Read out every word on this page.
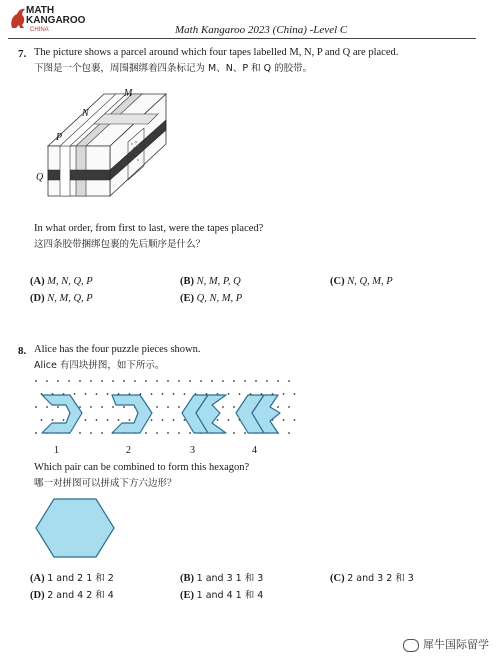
MATH
KANGAROO
CHINA	Math Kangaroo 2023 (China) -Level C
7. The picture shows a parcel around which four tapes labelled M, N, P and Q are placed.
下图是一个包裹，周围捆绑着四条标记为 M、N、P 和 Q 的胶带。
M
N
P
Q
In what order, from first to last, were the tapes placed?
这四条胶带捆绑包裹的先后顺序是什么？
(A) M, N, Q, P	(B) N, M, P, Q	(C) N, Q, M, P
(D) N, M, Q, P	(E) Q, N, M, P
8. Alice has the four puzzle pieces shown.
Alice 有四块拼图，如下所示。
1	2	3	4
Which pair can be combined to form this hexagon?
哪一对拼图可以拼成下方六边形？
(A) 1 and 2 1 和 2	(B) 1 and 3 1 和 3	(C) 2 and 3 2 和 3
(D) 2 and 4 2 和 4	(E) 1 and 4 1 和 4
犀牛国际留学
